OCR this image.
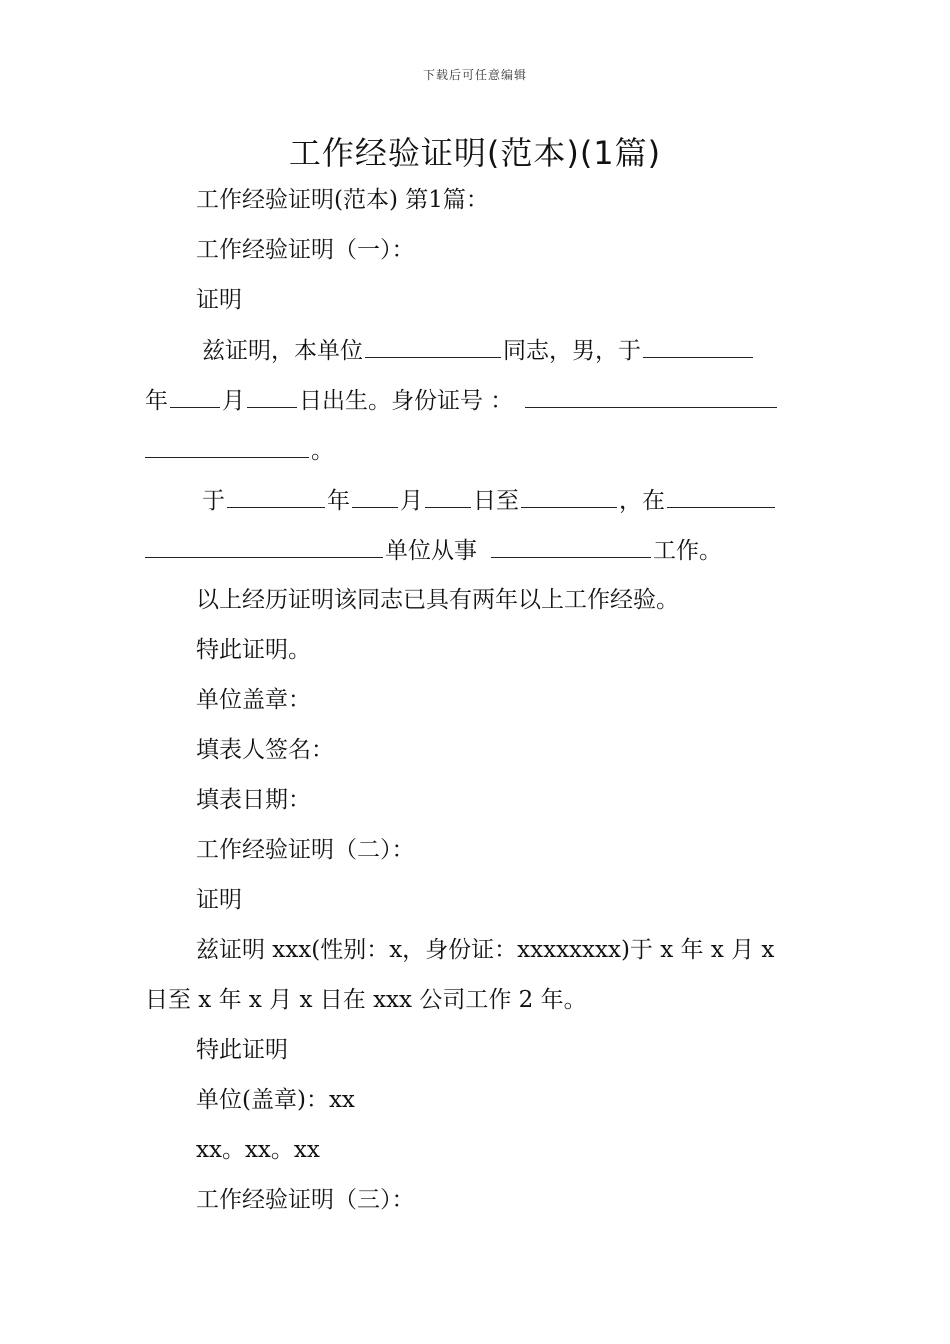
下载后可任意编辑
工作经验证明(范本)(1篇)
工作经验证明(范本) 第1篇：
工作经验证明（一）：
证明
兹证明，本单位	同志，男，于
年 月 日出生。身份证号 ：
。
于	年 月 日至	，在
单位从事	工作。
以上经历证明该同志已具有两年以上工作经验。
特此证明。
单位盖章：
填表人签名：
填表日期：
工作经验证明（二）：
证明
兹证明 xxx(性别：x，身份证：xxxxxxxx)于 x 年 x 月 x
日至 x 年 x 月 x 日在 xxx 公司工作 2 年。
特此证明
单位(盖章)：xx
xx。xx。xx
工作经验证明（三）：
